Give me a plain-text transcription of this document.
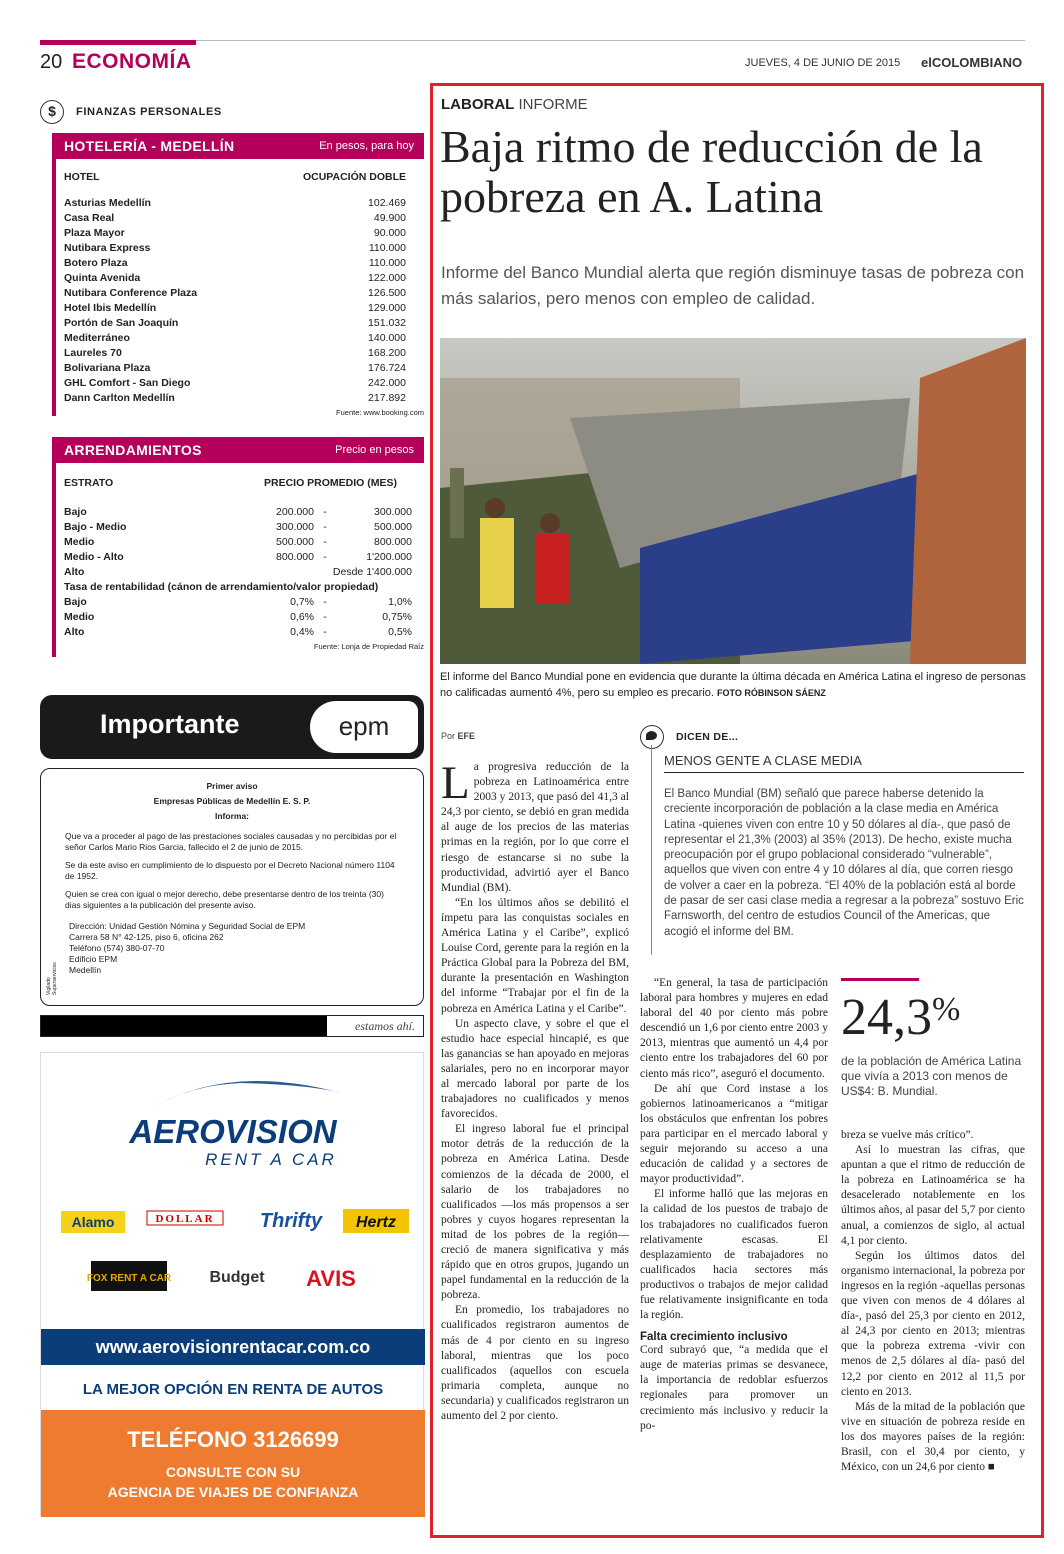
20 ECONOMÍA	JUEVES, 4 DE JUNIO DE 2015 elCOLOMBIANO
$	FINANZAS PERSONALES
HOTELERÍA - MEDELLÍN	En pesos, para hoy
HOTEL	OCUPACIÓN DOBLE
Asturias Medellín	102.469
Casa Real	49.900
Plaza Mayor	90.000
Nutibara Express	110.000
Botero Plaza	110.000
Quinta Avenida	122.000
Nutibara Conference Plaza	126.500
Hotel Ibis Medellín	129.000
Portón de San Joaquín	151.032
Mediterráneo	140.000
Laureles 70	168.200
Bolivariana Plaza	176.724
GHL Comfort - San Diego	242.000
Dann Carlton Medellín	217.892
Fuente: www.booking.com
ARRENDAMIENTOS	Precio en pesos
ESTRATO	PRECIO PROMEDIO (MES)
Bajo	200.000 -	300.000
Bajo - Medio	300.000 -	500.000
Medio	500.000 -	800.000
Medio - Alto	800.000 -	1'200.000
Alto	Desde 1'400.000
Tasa de rentabilidad (cánon de arrendamiento/valor propiedad)
Bajo	0,7% -	1,0%
Medio	0,6% -	0,75%
Alto	0,4% -	0,5%
Fuente: Lonja de Propiedad Raíz
Importante	epm
Primer aviso
Empresas Públicas de Medellín E. S. P.
Informa:
Que va a proceder al pago de las prestaciones sociales causadas y no percibidas por el señor Carlos Mario Rios Garcia, fallecido el 2 de junio de 2015.
Se da este aviso en cumplimiento de lo dispuesto por el Decreto Nacional número 1104 de 1952.
Quien se crea con igual o mejor derecho, debe presentarse dentro de los treinta (30) dias siguientes a la publicación del presente aviso.
Dirección: Unidad Gestión Nómina y Seguridad Social de EPM
Carrera 58 N° 42-125, piso 6, oficina 262
Teléfono (574) 380-07-70
Edificio EPM
Medellín
Vigilado Superservicios
estamos ahí.
AEROVISION
RENT A CAR
Alamo	DOLLAR Thrifty Hertz
FOX RENT A CAR Budget AVIS
www.aerovisionrentacar.com.co
LA MEJOR OPCIÓN EN RENTA DE AUTOS
TELÉFONO 3126699
CONSULTE CON SU
AGENCIA DE VIAJES DE CONFIANZA
LABORAL INFORME
Baja ritmo de reducción de la pobreza en A. Latina
Informe del Banco Mundial alerta que región disminuye tasas de pobreza con más salarios, pero menos con empleo de calidad.
El informe del Banco Mundial pone en evidencia que durante la última década en América Latina el ingreso de personas no calificadas aumentó 4%, pero su empleo es precario. FOTO RÓBINSON SÁENZ
Por EFE

La progresiva reducción de la pobreza en Latinoamérica entre 2003 y 2013, que pasó del 41,3 al 24,3 por ciento, se debió en gran medida al auge de los precios de las materias primas en la región, por lo que corre el riesgo de estancarse si no sube la productividad, advirtió ayer el Banco Mundial (BM).

“En los últimos años se debilitó el ímpetu para las conquistas sociales en América Latina y el Caribe”, explicó Louise Cord, gerente para la región en la Práctica Global para la Pobreza del BM, durante la presentación en Washington del informe “Trabajar por el fin de la pobreza en América Latina y el Caribe”.

Un aspecto clave, y sobre el que el estudio hace especial hincapié, es que las ganancias se han apoyado en mejoras salariales, pero no en incorporar mayor al mercado laboral por parte de los trabajadores no cualificados y menos favorecidos.

El ingreso laboral fue el principal motor detrás de la reducción de la pobreza en América Latina. Desde comienzos de la década de 2000, el salario de los trabajadores no cualificados —los más propensos a ser pobres y cuyos hogares representan la mitad de los pobres de la región— creció de manera significativa y más rápido que en otros grupos, jugando un papel fundamental en la reducción de la pobreza.

En promedio, los trabajadores no cualificados registraron aumentos de más de 4 por ciento en su ingreso laboral, mientras que los poco cualificados (aquellos con escuela primaria completa, aunque no secundaria) y cualificados registraron un aumento del 2 por ciento.

DICEN DE...
MENOS GENTE A CLASE MEDIA
El Banco Mundial (BM) señaló que parece haberse detenido la creciente incorporación de población a la clase media en América Latina -quienes viven con entre 10 y 50 dólares al día-, que pasó de representar el 21,3% (2003) al 35% (2013). De hecho, existe mucha preocupación por el grupo poblacional considerado “vulnerable”, aquellos que viven con entre 4 y 10 dólares al día, que corren riesgo de volver a caer en la pobreza. “El 40% de la población está al borde de pasar de ser casi clase media a regresar a la pobreza” sostuvo Eric Farnsworth, del centro de estudios Council of the Americas, que acogió el informe del BM.

“En general, la tasa de participación laboral para hombres y mujeres en edad laboral del 40 por ciento más pobre descendió un 1,6 por ciento entre 2003 y 2013, mientras que aumentó un 4,4 por ciento entre los trabajadores del 60 por ciento más rico”, aseguró el documento.

De ahí que Cord instase a los gobiernos latinoamericanos a “mitigar los obstáculos que enfrentan los pobres para participar en el mercado laboral y seguir mejorando su acceso a una educación de calidad y a sectores de mayor productividad”.

El informe halló que las mejoras en la calidad de los puestos de trabajo de los trabajadores no cualificados fueron relativamente escasas. El desplazamiento de trabajadores no cualificados hacia sectores más productivos o trabajos de mejor calidad fue relativamente insignificante en toda la región.

Falta crecimiento inclusivo

Cord subrayó que, “a medida que el auge de materias primas se desvanece, la importancia de redoblar esfuerzos regionales para promover un crecimiento más inclusivo y reducir la po-

24,3%
de la población de América Latina que vivía a 2013 con menos de US$4: B. Mundial.

breza se vuelve más crítico”.

Así lo muestran las cifras, que apuntan a que el ritmo de reducción de la pobreza en Latinoamérica se ha desacelerado notablemente en los últimos años, al pasar del 5,7 por ciento anual, a comienzos de siglo, al actual 4,1 por ciento.

Según los últimos datos del organismo internacional, la pobreza por ingresos en la región -aquellas personas que viven con menos de 4 dólares al día-, pasó del 25,3 por ciento en 2012, al 24,3 por ciento en 2013; mientras que la pobreza extrema -vivir con menos de 2,5 dólares al día- pasó del 12,2 por ciento en 2012 al 11,5 por ciento en 2013.

Más de la mitad de la población que vive en situación de pobreza reside en los dos mayores países de la región: Brasil, con el 30,4 por ciento, y México, con un 24,6 por ciento ■
